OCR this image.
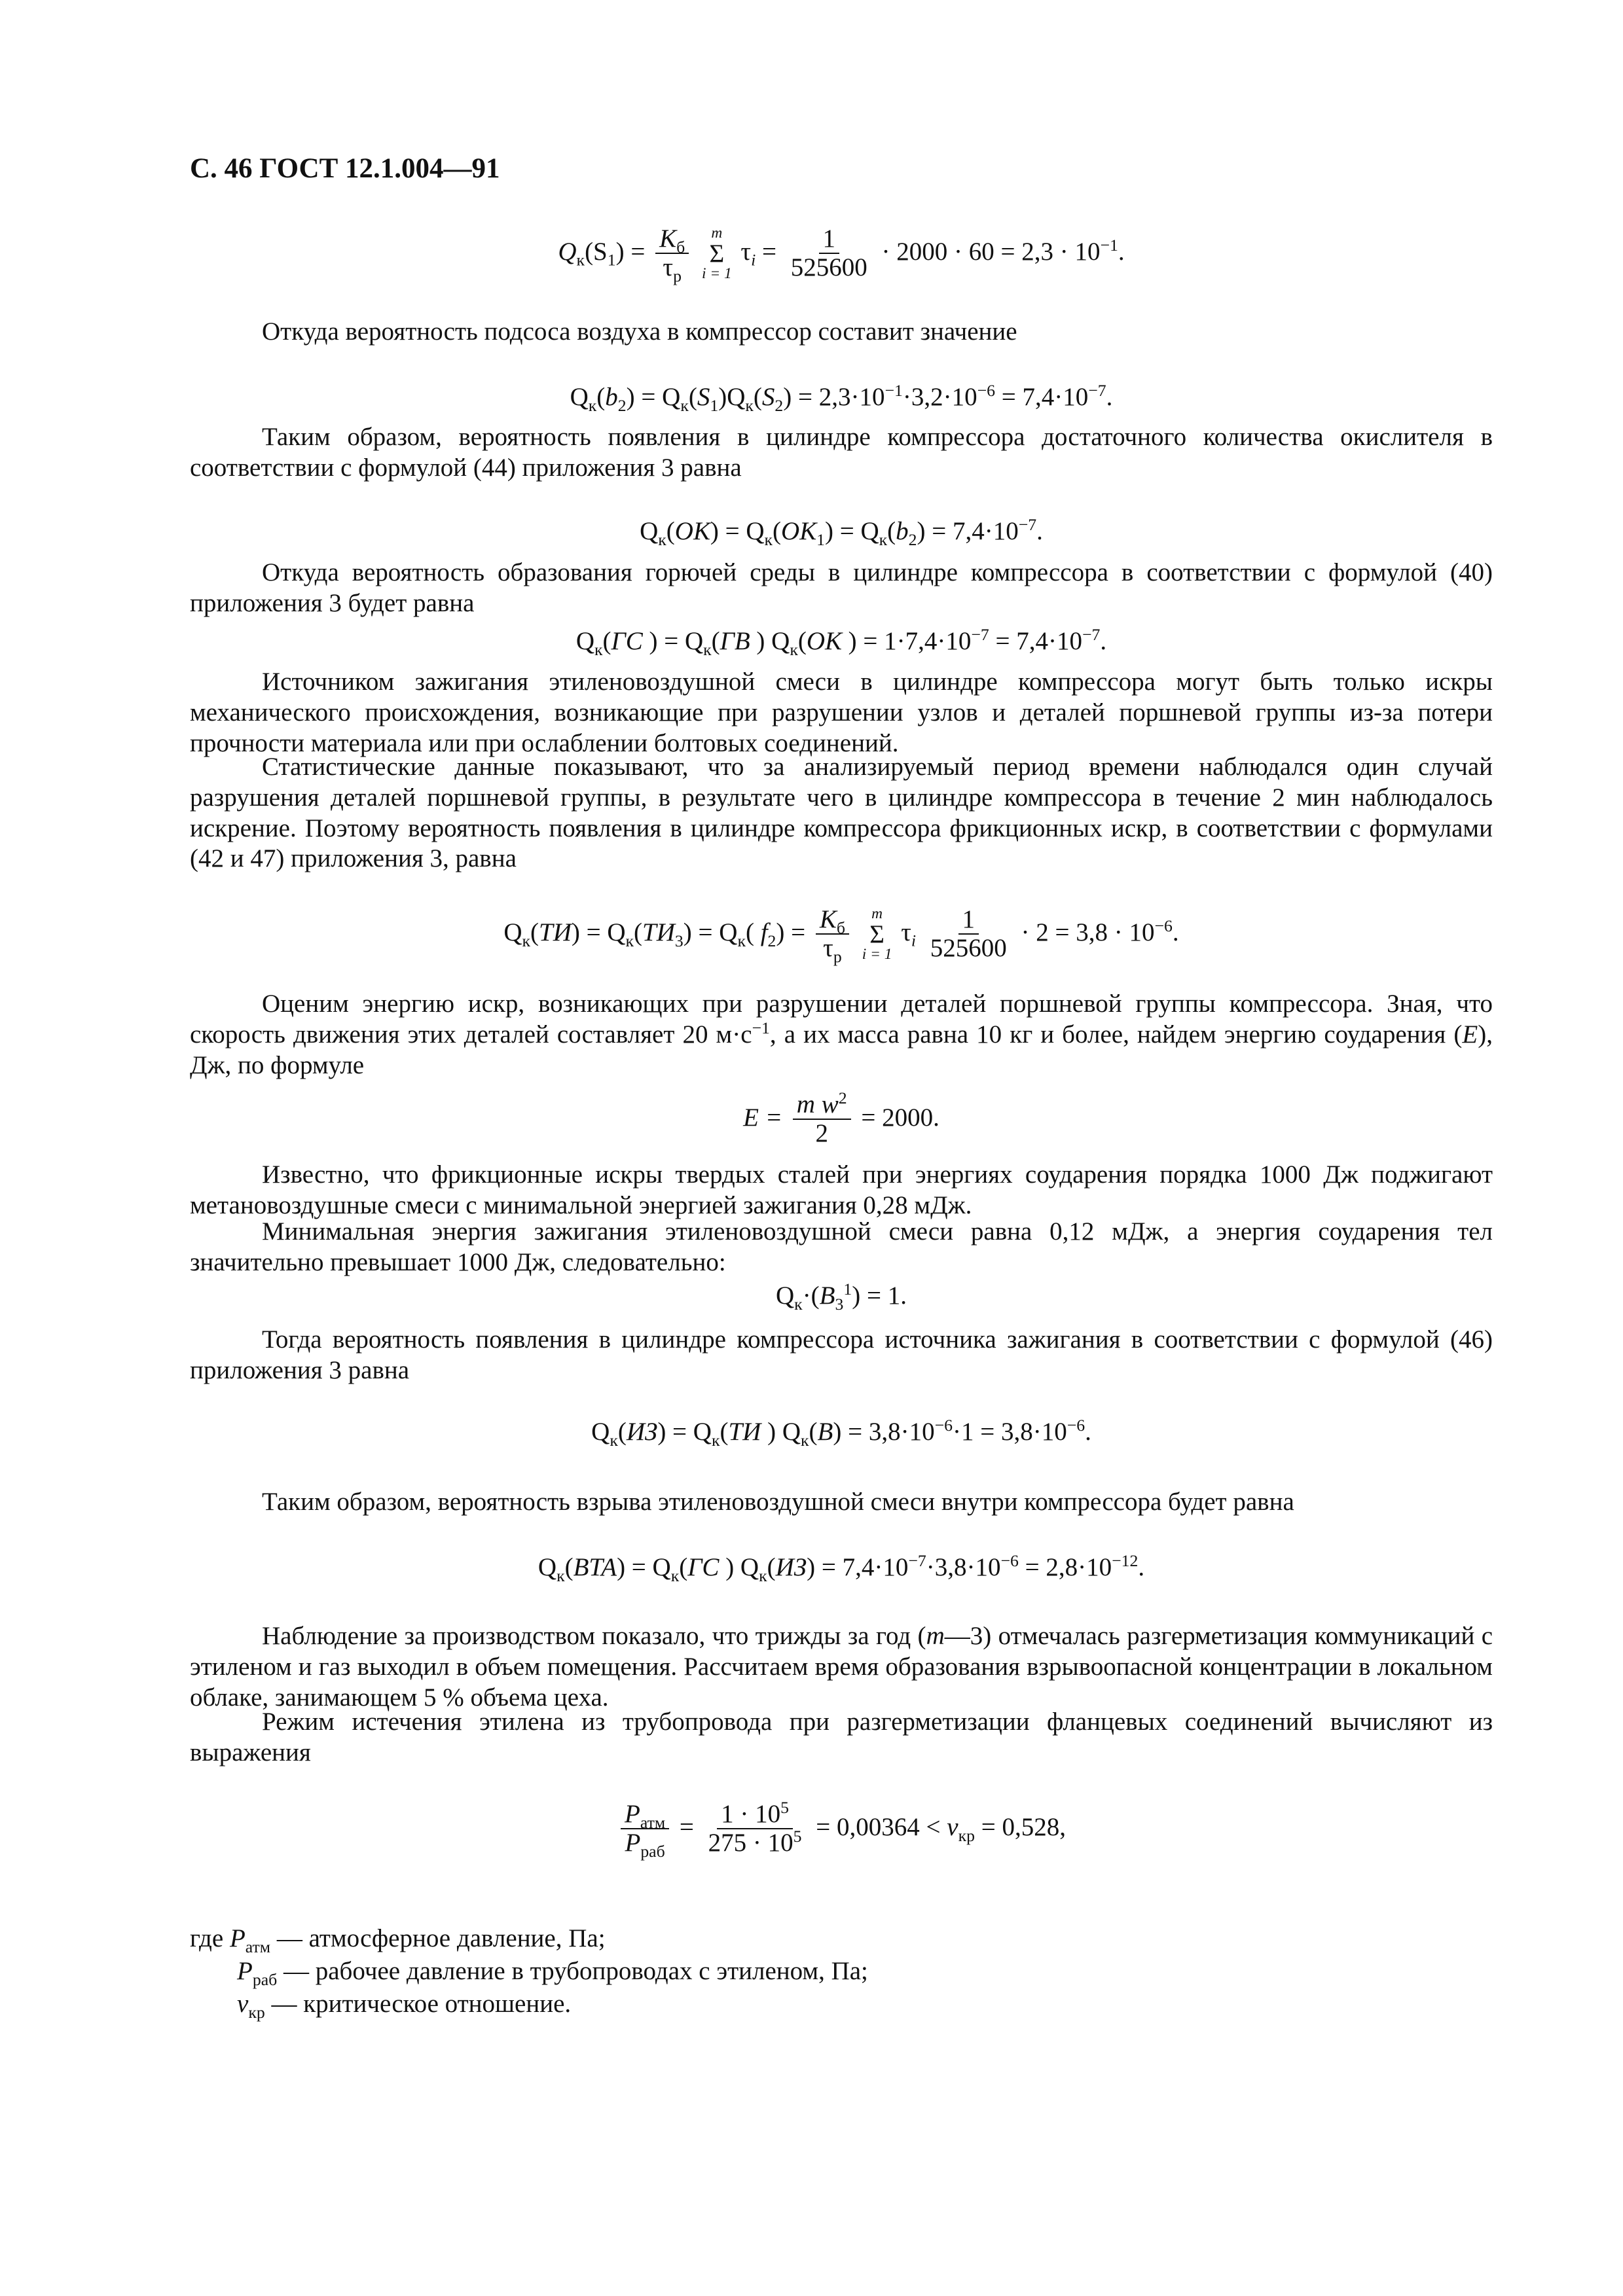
С. 46 ГОСТ 12.1.004—91
$Q_к(S_1) = \frac{K_б}{\tau_р}$
m
Σ
i = 1
$\tau_i = \frac{1}{525600} \cdot 2000 \cdot 60 = 2,3 \cdot 10^{-1}$.

Откуда вероятность подсоса воздуха в компрессор составит значение

$Q_к(b_2) = Q_к(S_1)Q_к(S_2) = 2,3\cdot 10^{-1}\cdot 3,2\cdot 10^{-6} = 7,4\cdot 10^{-7}$.

Таким образом, вероятность появления в цилиндре компрессора достаточного количества окислителя в соответствии с формулой (44) приложения 3 равна

$Q_к(ОК) = Q_к(ОК_1) = Q_к(b_2) = 7,4\cdot 10^{-7}$.

Откуда вероятность образования горючей среды в цилиндре компрессора в соответствии с формулой (40) приложения 3 будет равна

$Q_к(ГС$ ) = $Q_к(ГВ$ ) $Q_к(ОК$ ) = $1\cdot 7,4\cdot 10^{-7} = 7,4\cdot 10^{-7}$.

Источником зажигания этиленовоздушной смеси в цилиндре компрессора могут быть только искры механического происхождения, возникающие при разрушении узлов и деталей поршневой группы из-за потери прочности материала или при ослаблении болтовых соединений.

Статистические данные показывают, что за анализируемый период времени наблюдался один случай разрушения деталей поршневой группы, в результате чего в цилиндре компрессора в течение 2 мин наблюдалось искрение. Поэтому вероятность появления в цилиндре компрессора фрикционных искр, в соответствии с формулами (42 и 47) приложения 3, равна

$Q_к(ТИ) = Q_к(ТИ_3) = Q_к$( $f_2) = \frac{K_б}{\tau_р}$
m
Σ
i = 1
$\tau_i \frac{1}{525600} \cdot 2 = 3,8 \cdot 10^{-6}$.

Оценим энергию искр, возникающих при разрушении деталей поршневой группы компрессора. Зная, что скорость движения этих деталей составляет 20 $м\cdot с^{-1}$, а их масса равна 10 кг и более, найдем энергию соударения (E), Дж, по формуле

$E = \frac{m w^2}{2} = 2000$.

Известно, что фрикционные искры твердых сталей при энергиях соударения порядка 1000 Дж поджигают метановоздушные смеси с минимальной энергией зажигания 0,28 мДж.

Минимальная энергия зажигания этиленовоздушной смеси равна 0,12 мДж, а энергия соударения тел значительно превышает 1000 Дж, следовательно:

$Q_к\cdot(B_3^1) = 1$.

Тогда вероятность появления в цилиндре компрессора источника зажигания в соответствии с формулой (46) приложения 3 равна

$Q_к(ИЗ) = Q_к(ТИ$ ) $Q_к(B) = 3,8\cdot 10^{-6}\cdot 1 = 3,8\cdot 10^{-6}$.

Таким образом, вероятность взрыва этиленовоздушной смеси внутри компрессора будет равна

$Q_к(BTA) = Q_к(ГС$ ) $Q_к(ИЗ) = 7,4\cdot 10^{-7}\cdot 3,8\cdot 10^{-6} = 2,8\cdot 10^{-12}$.

Наблюдение за производством показало, что трижды за год (m—3) отмечалась разгерметизация коммуникаций с этиленом и газ выходил в объем помещения. Рассчитаем время образования взрывоопасной концентрации в локальном облаке, занимающем 5 % объема цеха.

Режим истечения этилена из трубопровода при разгерметизации фланцевых соединений вычисляют из выражения

$\frac{P_{атм}}{P_{раб}} = \frac{1 \cdot 10^5}{275 \cdot 10^5} = 0,00364 < v_{кр} = 0,528$,
где $P_{атм}$ — атмосферное давление, Па;
$P_{раб}$ — рабочее давление в трубопроводах с этиленом, Па;
$v_{кр}$ — критическое отношение.
